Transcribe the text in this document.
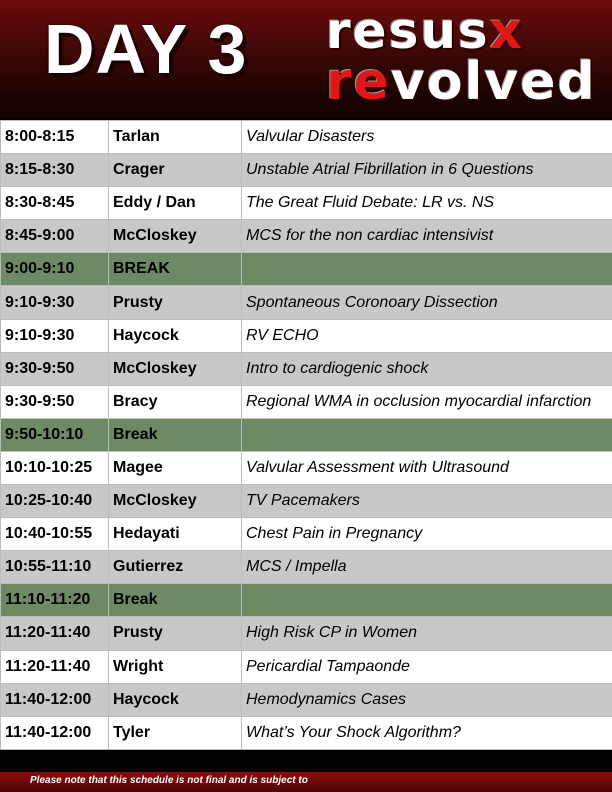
DAY 3 resusx
revolved
8:00-8:15	Tarlan	Valvular Disasters
8:15-8:30	Crager	Unstable Atrial Fibrillation in 6 Questions
8:30-8:45	Eddy / Dan	The Great Fluid Debate: LR vs. NS
8:45-9:00	McCloskey	MCS for the non cardiac intensivist
9:00-9:10	BREAK	
9:10-9:30	Prusty	Spontaneous Coronoary Dissection
9:10-9:30	Haycock	RV ECHO
9:30-9:50	McCloskey	Intro to cardiogenic shock
9:30-9:50	Bracy	Regional WMA in occlusion myocardial infarction
9:50-10:10	Break	
10:10-10:25	Magee	Valvular Assessment with Ultrasound
10:25-10:40	McCloskey	TV Pacemakers
10:40-10:55	Hedayati	Chest Pain in Pregnancy
10:55-11:10	Gutierrez	MCS / Impella
11:10-11:20	Break	
11:20-11:40	Prusty	High Risk CP in Women
11:20-11:40	Wright	Pericardial Tampaonde
11:40-12:00	Haycock	Hemodynamics Cases
11:40-12:00	Tyler	What’s Your Shock Algorithm?
Please note that this schedule is not final and is subject to
